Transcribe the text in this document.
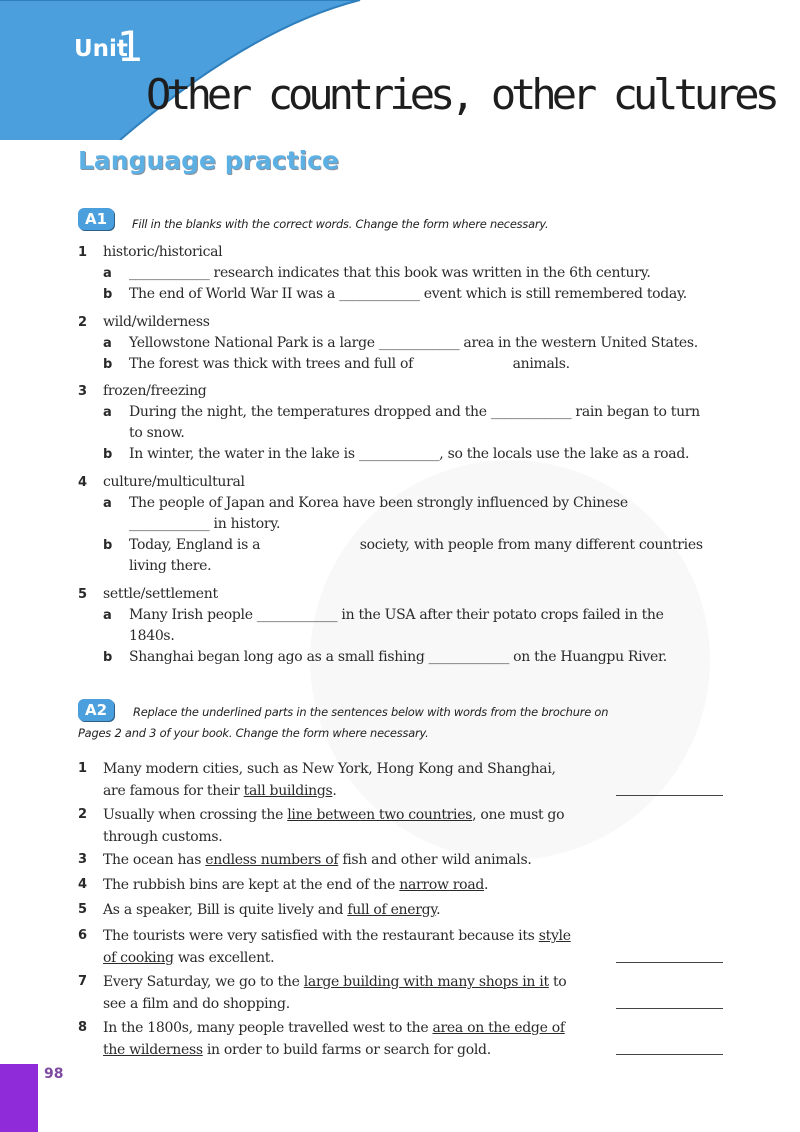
Unit
1
Other countries, other cultures
Language practice
A1	Fill in the blanks with the correct words. Change the form where necessary.
1 historic/historical
a ____________ research indicates that this book was written in the 6th century.
b The end of World War II was a ____________ event which is still remembered today.
2 wild/wilderness
a Yellowstone National Park is a large ____________ area in the western United States.
b The forest was thick with trees and full of                        animals.
3 frozen/freezing
a During the night, the temperatures dropped and the ____________ rain began to turn
to snow.
b In winter, the water in the lake is ____________, so the locals use the lake as a road.
4 culture/multicultural
a The people of Japan and Korea have been strongly influenced by Chinese
____________ in history.
b Today, England is a                        society, with people from many different countries
living there.
5 settle/settlement
a Many Irish people ____________ in the USA after their potato crops failed in the
1840s.
b Shanghai began long ago as a small fishing ____________ on the Huangpu River.
A2	Replace the underlined parts in the sentences below with words from the brochure on
Pages 2 and 3 of your book. Change the form where necessary.
1 Many modern cities, such as New York, Hong Kong and Shanghai,
are famous for their tall buildings.
2 Usually when crossing the line between two countries, one must go
through customs.
3 The ocean has endless numbers of fish and other wild animals.
4 The rubbish bins are kept at the end of the narrow road.
5 As a speaker, Bill is quite lively and full of energy.
6 The tourists were very satisfied with the restaurant because its style
of cooking was excellent.
7 Every Saturday, we go to the large building with many shops in it to
see a film and do shopping.
8 In the 1800s, many people travelled west to the area on the edge of
the wilderness in order to build farms or search for gold.
98
